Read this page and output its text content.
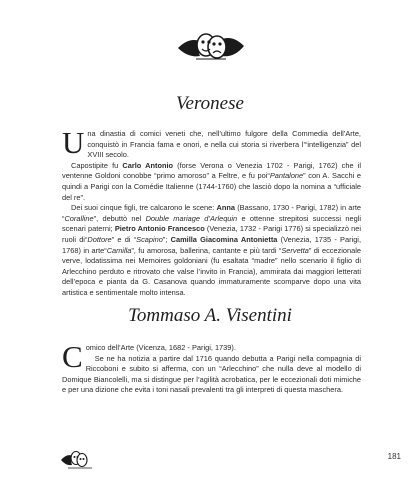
Veronese

Una dinastia di comici veneti che, nell’ultimo fulgore della Commedia dell’Arte, conquistò in Francia fama e onori, e nella cui storia si riverbera l’“intelligenzia” del XVIII secolo.

Capostipite fu Carlo Antonio (forse Verona o Venezia 1702 - Parigi, 1762) che il ventenne Goldoni conobbe “primo amoroso” a Feltre, e fu poi“Pantalone” con A. Sacchi e quindi a Parigi con la Comédie Italienne (1744-1760) che lasciò dopo la nomina a “ufficiale del re”.

Dei suoi cinque figli, tre calcarono le scene: Anna (Bassano, 1730 - Parigi, 1782) in arte “Coralline”, debuttò nel Double mariage d’Arlequin e ottenne strepitosi successi negli scenari paterni; Pietro Antonio Francesco (Venezia, 1732 - Parigi 1776) si specializzò nei ruoli di“Dottore” e di “Scapino”; Camilla Giacomina Antonietta (Venezia, 1735 - Parigi, 1768) in arte“Camilla”, fu amorosa, ballerina, cantante e più tardi “Servetta” di eccezionale verve, lodatissima nei Memoires goldoniani (fu esaltata “madre” nello scenario il figlio di Arlecchino perduto e ritrovato che valse l’invito in Francia), ammirata dai maggiori letterati dell’epoca e pianta da G. Casanova quando immaturamente scomparve dopo una vita artistica e sentimentale molto intensa.

Tommaso A. Visentini

Comico dell’Arte (Vicenza, 1682 - Parigi, 1739).

Se ne ha notizia a partire dal 1716 quando debutta a Parigi nella compagnia di Riccoboni e subito si afferma, con un “Arlecchino” che nulla deve al modello di Domique Biancolelli, ma si distingue per l’agilità acrobatica, per le eccezionali doti mimiche e per una dizione che evita i toni nasali prevalenti tra gli interpreti di questa maschera.

181
